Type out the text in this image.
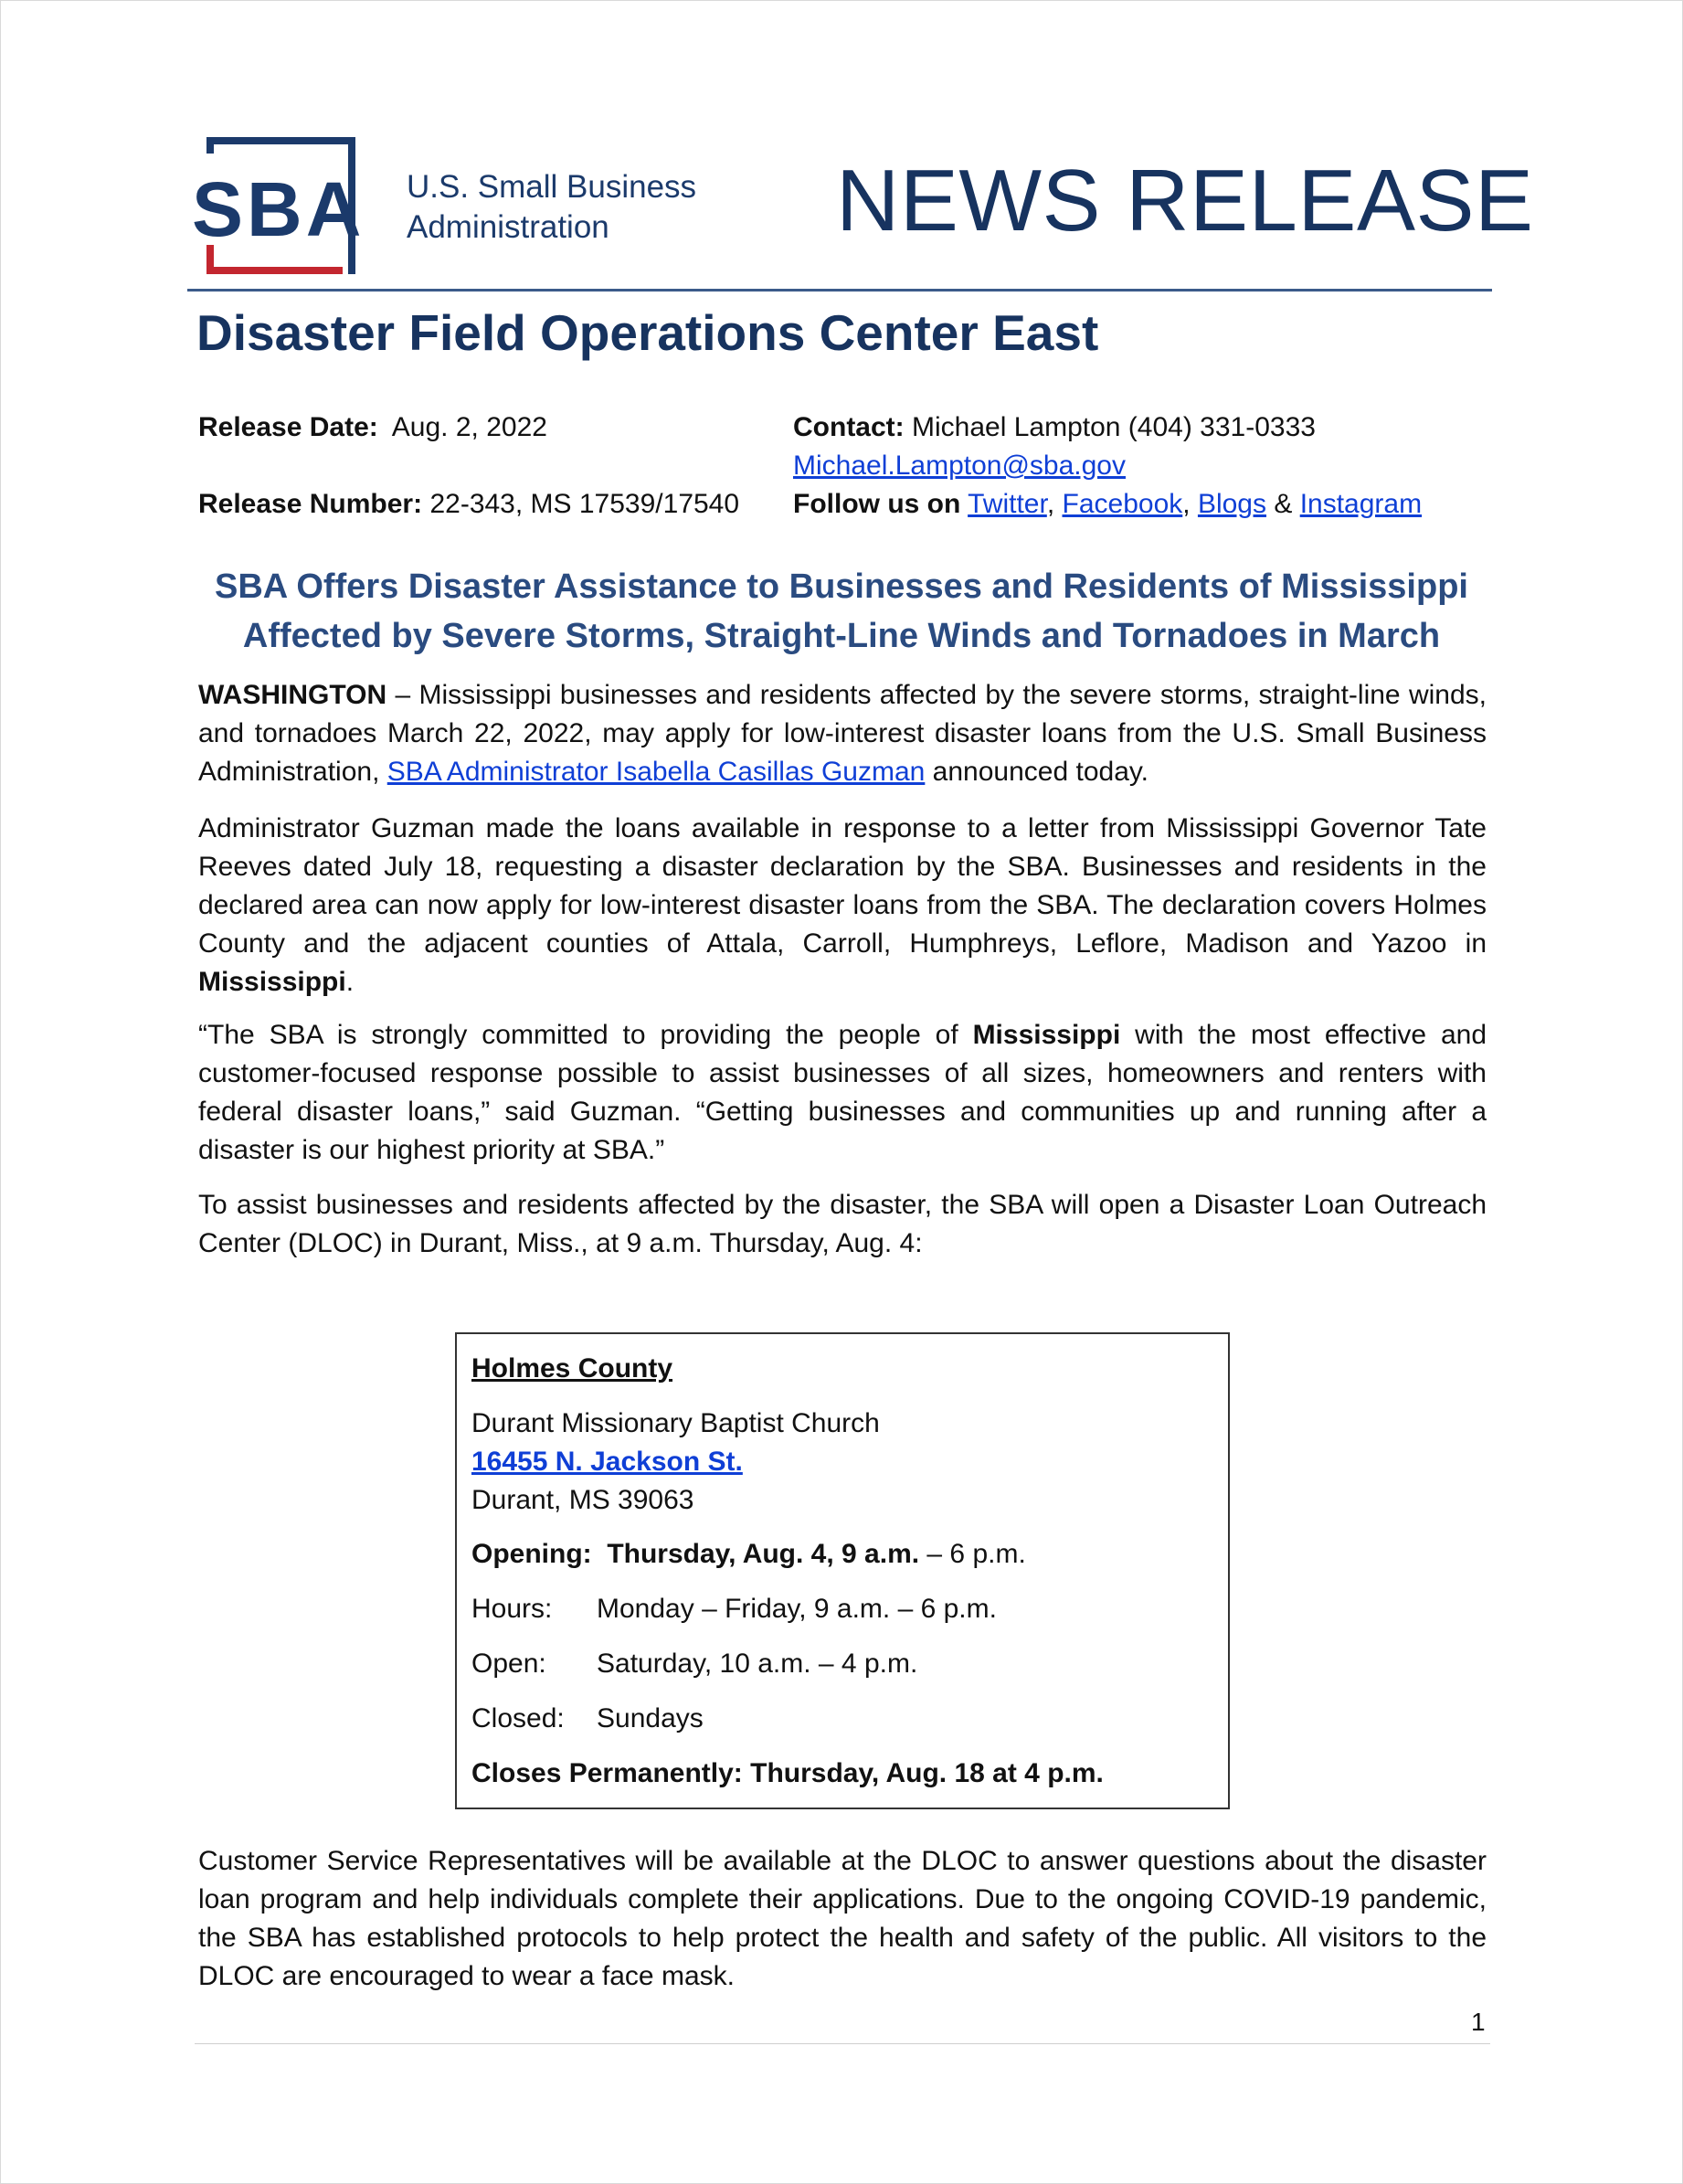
SBA U.S. Small Business
Administration	NEWS RELEASE
Disaster Field Operations Center East
Release Date: Aug. 2, 2022
Release Number: 22-343, MS 17539/17540
Contact: Michael Lampton (404) 331-0333
Michael.Lampton@sba.gov
Follow us on Twitter, Facebook, Blogs & Instagram
SBA Offers Disaster Assistance to Businesses and Residents of Mississippi
Affected by Severe Storms, Straight-Line Winds and Tornadoes in March

WASHINGTON – Mississippi businesses and residents affected by the severe storms, straight-line winds, and tornadoes March 22, 2022, may apply for low-interest disaster loans from the U.S. Small Business Administration, SBA Administrator Isabella Casillas Guzman announced today.

Administrator Guzman made the loans available in response to a letter from Mississippi Governor Tate Reeves dated July 18, requesting a disaster declaration by the SBA. Businesses and residents in the declared area can now apply for low-interest disaster loans from the SBA. The declaration covers Holmes County and the adjacent counties of Attala, Carroll, Humphreys, Leflore, Madison and Yazoo in

Mississippi.

“The SBA is strongly committed to providing the people of Mississippi with the most effective and customer-focused response possible to assist businesses of all sizes, homeowners and renters with federal disaster loans,” said Guzman. “Getting businesses and communities up and running after a disaster is our highest priority at SBA.”

To assist businesses and residents affected by the disaster, the SBA will open a Disaster Loan Outreach Center (DLOC) in Durant, Miss., at 9 a.m. Thursday, Aug. 4:

Holmes County
Durant Missionary Baptist Church
16455 N. Jackson St.
Durant, MS 39063
Opening: Thursday, Aug. 4, 9 a.m. – 6 p.m.
Hours: Monday – Friday, 9 a.m. – 6 p.m.
Open: Saturday, 10 a.m. – 4 p.m.
Closed: Sundays
Closes Permanently: Thursday, Aug. 18 at 4 p.m.

Customer Service Representatives will be available at the DLOC to answer questions about the disaster loan program and help individuals complete their applications. Due to the ongoing COVID-19 pandemic, the SBA has established protocols to help protect the health and safety of the public. All visitors to the DLOC are encouraged to wear a face mask.

1
